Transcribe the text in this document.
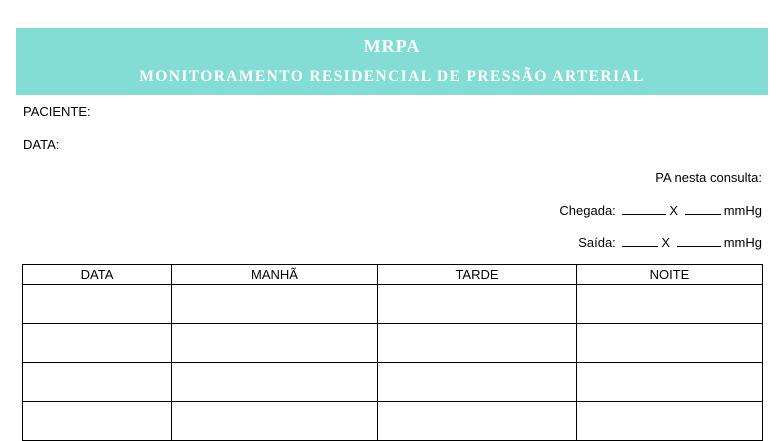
MRPA
MONITORAMENTO RESIDENCIAL DE PRESSÃO ARTERIAL
PACIENTE:
DATA:
PA nesta consulta:
Chegada:	X	mmHg
Saída:	X	mmHg
DATA	MANHÃ	TARDE	NOITE
